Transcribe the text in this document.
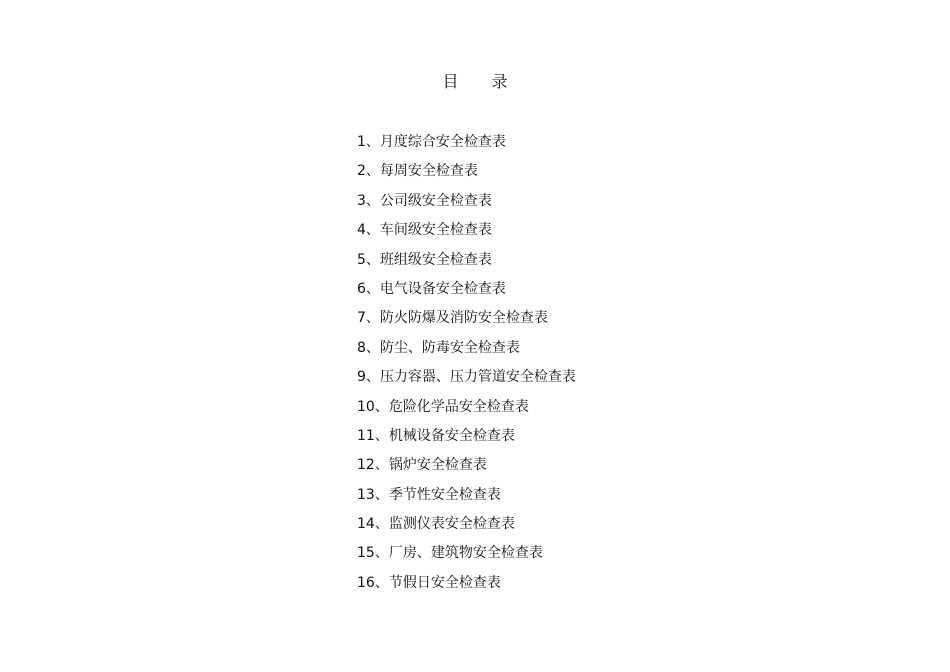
目 录
1、月度综合安全检查表
2、每周安全检查表
3、公司级安全检查表
4、车间级安全检查表
5、班组级安全检查表
6、电气设备安全检查表
7、防火防爆及消防安全检查表
8、防尘、防毒安全检查表
9、压力容器、压力管道安全检查表
10、危险化学品安全检查表
11、机械设备安全检查表
12、锅炉安全检查表
13、季节性安全检查表
14、监测仪表安全检查表
15、厂房、建筑物安全检查表
16、节假日安全检查表
